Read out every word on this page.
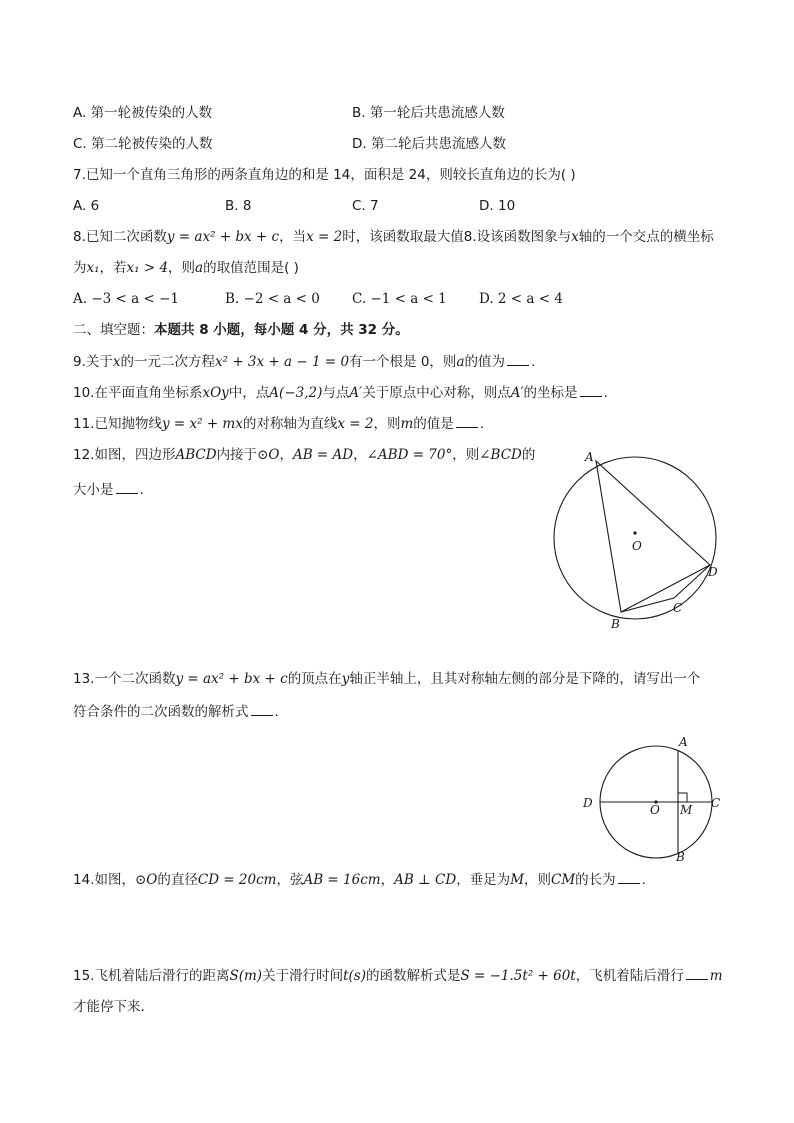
A. 第一轮被传染的人数	B. 第一轮后共患流感人数
C. 第二轮被传染的人数	D. 第二轮后共患流感人数
7.已知一个直角三角形的两条直角边的和是 14，面积是 24，则较长直角边的长为( )
A. 6	B. 8	C. 7	D. 10
8.已知二次函数y = ax² + bx + c，当x = 2时，该函数取最大值8.设该函数图象与x轴的一个交点的横坐标
为x₁，若x₁ > 4，则a的取值范围是( )
A. −3 < a < −1	B. −2 < a < 0 C. −1 < a < 1 D. 2 < a < 4
二、填空题：本题共 8 小题，每小题 4 分，共 32 分。
9.关于x的一元二次方程x² + 3x + a − 1 = 0有一个根是 0，则a的值为 .
10.在平面直角坐标系xOy中，点A(−3,2)与点A′关于原点中心对称，则点A′的坐标是 .
11.已知抛物线y = x² + mx的对称轴为直线x = 2，则m的值是 .
12.如图，四边形ABCD内接于⊙O，AB = AD，∠ABD = 70°，则∠BCD的
大小是 .
A
O
D
C
B
13.一个二次函数y = ax² + bx + c的顶点在y轴正半轴上，且其对称轴左侧的部分是下降的，请写出一个
符合条件的二次函数的解析式 .
A
D	O M C
B
14.如图，⊙O的直径CD = 20cm，弦AB = 16cm，AB ⊥ CD，垂足为M，则CM的长为 .
15.飞机着陆后滑行的距离S(m)关于滑行时间t(s)的函数解析式是S = −1.5t² + 60t，飞机着陆后滑行 m
才能停下来.
